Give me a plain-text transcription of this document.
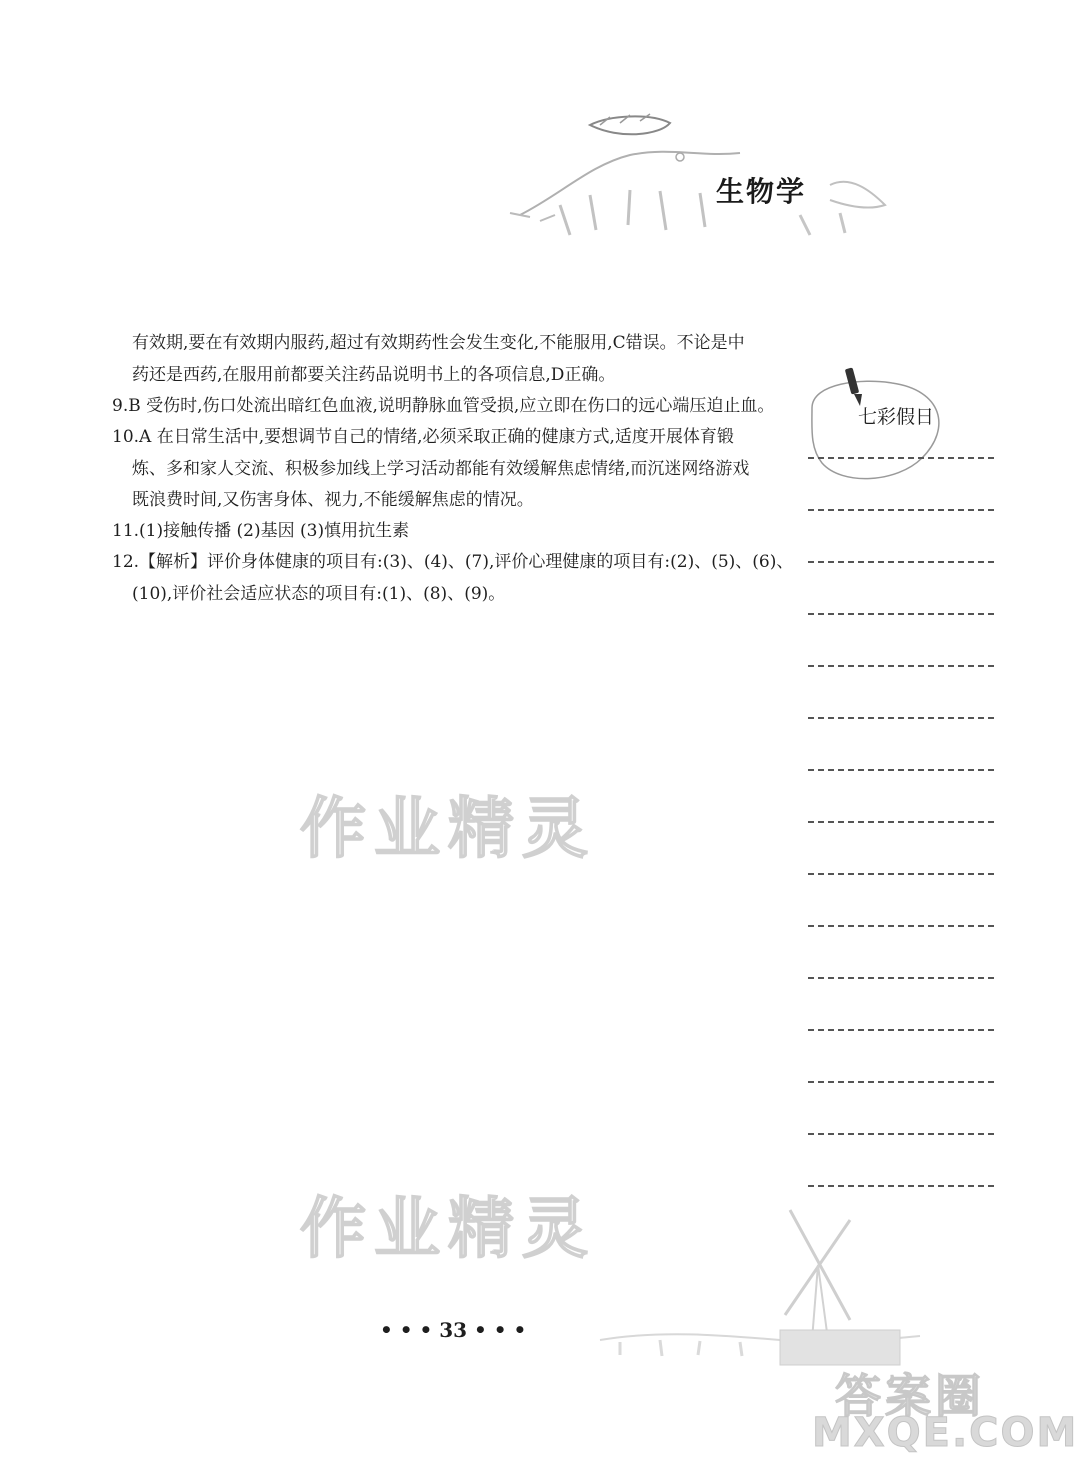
生物学
有效期,要在有效期内服药,超过有效期药性会发生变化,不能服用,C错误。不论是中
药还是西药,在服用前都要关注药品说明书上的各项信息,D正确。
9.B 受伤时,伤口处流出暗红色血液,说明静脉血管受损,应立即在伤口的远心端压迫止血。
10.A 在日常生活中,要想调节自己的情绪,必须采取正确的健康方式,适度开展体育锻
炼、多和家人交流、积极参加线上学习活动都能有效缓解焦虑情绪,而沉迷网络游戏
既浪费时间,又伤害身体、视力,不能缓解焦虑的情况。
11.(1)接触传播 (2)基因 (3)慎用抗生素
12.【解析】评价身体健康的项目有:(3)、(4)、(7),评价心理健康的项目有:(2)、(5)、(6)、
(10),评价社会适应状态的项目有:(1)、(8)、(9)。
七彩假日
作业精灵
作业精灵
• • • 33 • • •
答案圈
MXQE.COM
